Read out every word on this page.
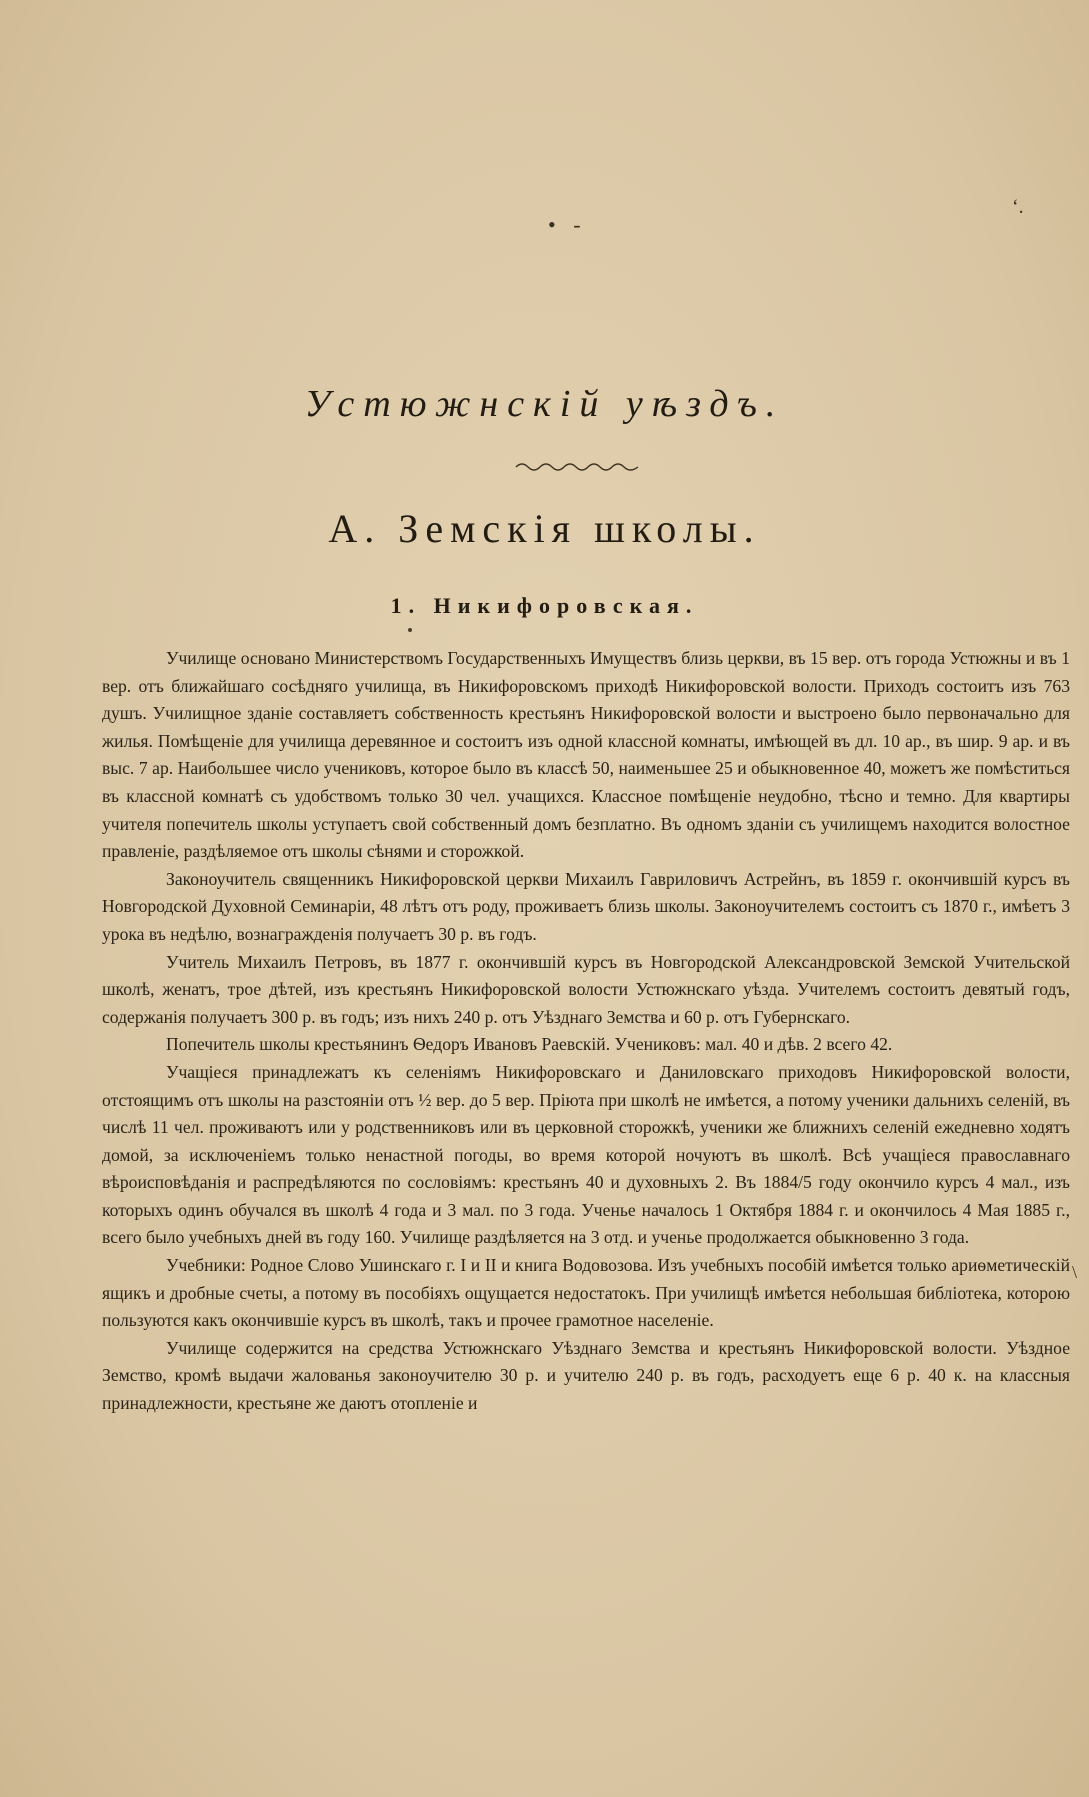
• -
ʻ.
\
Устюжнскій уѣздъ.
А. Земскія школы.
1. Никифоровская.

Училище основано Министерствомъ Государственныхъ Имуществъ близь церкви, въ 15 вер. отъ города Устюжны и въ 1 вер. отъ ближайшаго сосѣдняго училища, въ Никифоровскомъ приходѣ Никифоровской волости. Приходъ состоитъ изъ 763 душъ. Училищное зданіе составляетъ собственность крестьянъ Никифоровской волости и выстроено было первоначально для жилья. Помѣщеніе для училища деревянное и состоитъ изъ одной классной комнаты, имѣющей въ дл. 10 ар., въ шир. 9 ар. и въ выс. 7 ар. Наибольшее число учениковъ, которое было въ классѣ 50, наименьшее 25 и обыкновенное 40, можетъ же помѣститься въ классной комнатѣ съ удобствомъ только 30 чел. учащихся. Классное помѣщеніе неудобно, тѣсно и темно. Для квартиры учителя попечитель школы уступаетъ свой собственный домъ безплатно. Въ одномъ зданіи съ училищемъ находится волостное правленіе, раздѣляемое отъ школы сѣнями и сторожкой.

Законоучитель священникъ Никифоровской церкви Михаилъ Гавриловичъ Астрейнъ, въ 1859 г. окончившій курсъ въ Новгородской Духовной Семинаріи, 48 лѣтъ отъ роду, проживаетъ близь школы. Законоучителемъ состоитъ съ 1870 г., имѣетъ 3 урока въ недѣлю, вознагражденія получаетъ 30 р. въ годъ.

Учитель Михаилъ Петровъ, въ 1877 г. окончившій курсъ въ Новгородской Александровской Земской Учительской школѣ, женатъ, трое дѣтей, изъ крестьянъ Никифоровской волости Устюжнскаго уѣзда. Учителемъ состоитъ девятый годъ, содержанія получаетъ 300 р. въ годъ; изъ нихъ 240 р. отъ Уѣзднаго Земства и 60 р. отъ Губернскаго.

Попечитель школы крестьянинъ Ѳедоръ Ивановъ Раевскій. Учениковъ: мал. 40 и дѣв. 2 всего 42.

Учащіеся принадлежатъ къ селеніямъ Никифоровскаго и Даниловскаго приходовъ Никифоровской волости, отстоящимъ отъ школы на разстояніи отъ ½ вер. до 5 вер. Пріюта при школѣ не имѣется, а потому ученики дальнихъ селеній, въ числѣ 11 чел. проживаютъ или у родственниковъ или въ церковной сторожкѣ, ученики же ближнихъ селеній ежедневно ходятъ домой, за исключеніемъ только ненастной погоды, во время которой ночуютъ въ школѣ. Всѣ учащіеся православнаго вѣроисповѣданія и распредѣляются по сословіямъ: крестьянъ 40 и духовныхъ 2. Въ 1884/5 году окончило курсъ 4 мал., изъ которыхъ одинъ обучался въ школѣ 4 года и 3 мал. по 3 года. Ученье началось 1 Октября 1884 г. и окончилось 4 Мая 1885 г., всего было учебныхъ дней въ году 160. Училище раздѣляется на 3 отд. и ученье продолжается обыкновенно 3 года.

Учебники: Родное Слово Ушинскаго г. I и II и книга Водовозова. Изъ учебныхъ пособій имѣется только ариѳметическій ящикъ и дробные счеты, а потому въ пособіяхъ ощущается недостатокъ. При училищѣ имѣется небольшая библіотека, которою пользуются какъ окончившіе курсъ въ школѣ, такъ и прочее грамотное населеніе.

Училище содержится на средства Устюжнскаго Уѣзднаго Земства и крестьянъ Никифоровской волости. Уѣздное Земство, кромѣ выдачи жалованья законоучителю 30 р. и учителю 240 р. въ годъ, расходуетъ еще 6 р. 40 к. на классныя принадлежности, крестьяне же даютъ отопленіе и
